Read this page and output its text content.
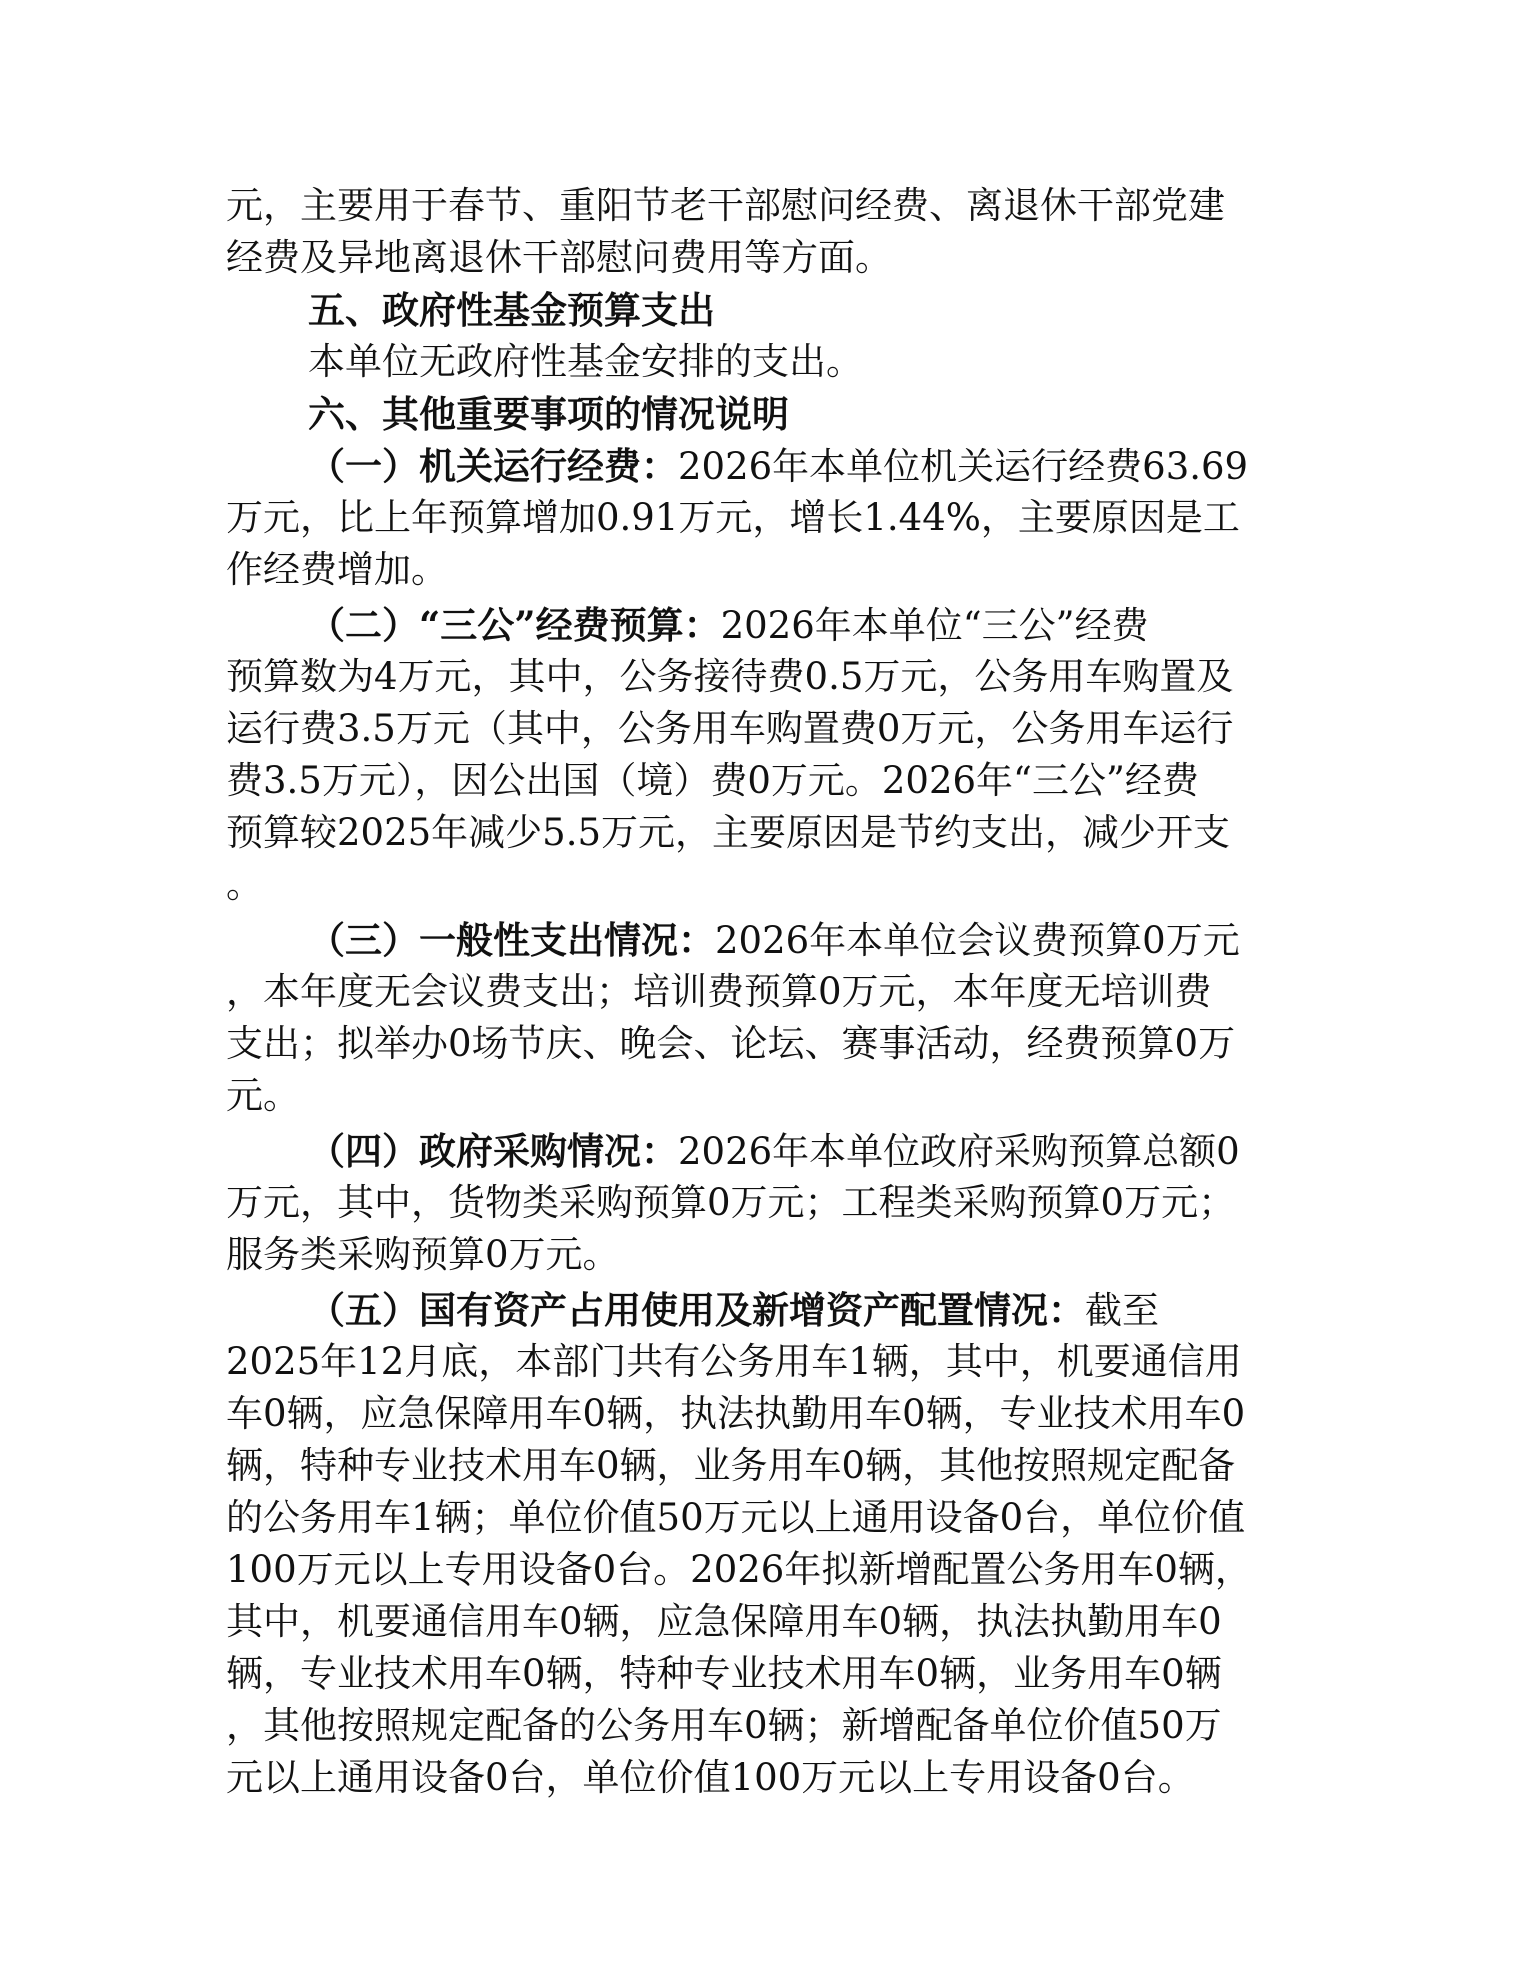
元，主要用于春节、重阳节老干部慰问经费、离退休干部党建
经费及异地离退休干部慰问费用等方面。
五、政府性基金预算支出
本单位无政府性基金安排的支出。
六、其他重要事项的情况说明
（一）机关运行经费：2026年本单位机关运行经费63.69
万元，比上年预算增加0.91万元，增长1.44%，主要原因是工
作经费增加。
（二）“三公”经费预算：2026年本单位“三公”经费
预算数为4万元，其中，公务接待费0.5万元，公务用车购置及
运行费3.5万元（其中，公务用车购置费0万元，公务用车运行
费3.5万元），因公出国（境）费0万元。2026年“三公”经费
预算较2025年减少5.5万元，主要原因是节约支出，减少开支
。
（三）一般性支出情况：2026年本单位会议费预算0万元
，本年度无会议费支出；培训费预算0万元，本年度无培训费
支出；拟举办0场节庆、晚会、论坛、赛事活动，经费预算0万
元。
（四）政府采购情况：2026年本单位政府采购预算总额0
万元，其中，货物类采购预算0万元；工程类采购预算0万元；
服务类采购预算0万元。
（五）国有资产占用使用及新增资产配置情况：截至
2025年12月底，本部门共有公务用车1辆，其中，机要通信用
车0辆，应急保障用车0辆，执法执勤用车0辆，专业技术用车0
辆，特种专业技术用车0辆，业务用车0辆，其他按照规定配备
的公务用车1辆；单位价值50万元以上通用设备0台，单位价值
100万元以上专用设备0台。2026年拟新增配置公务用车0辆，
其中，机要通信用车0辆，应急保障用车0辆，执法执勤用车0
辆，专业技术用车0辆，特种专业技术用车0辆，业务用车0辆
，其他按照规定配备的公务用车0辆；新增配备单位价值50万
元以上通用设备0台，单位价值100万元以上专用设备0台。
